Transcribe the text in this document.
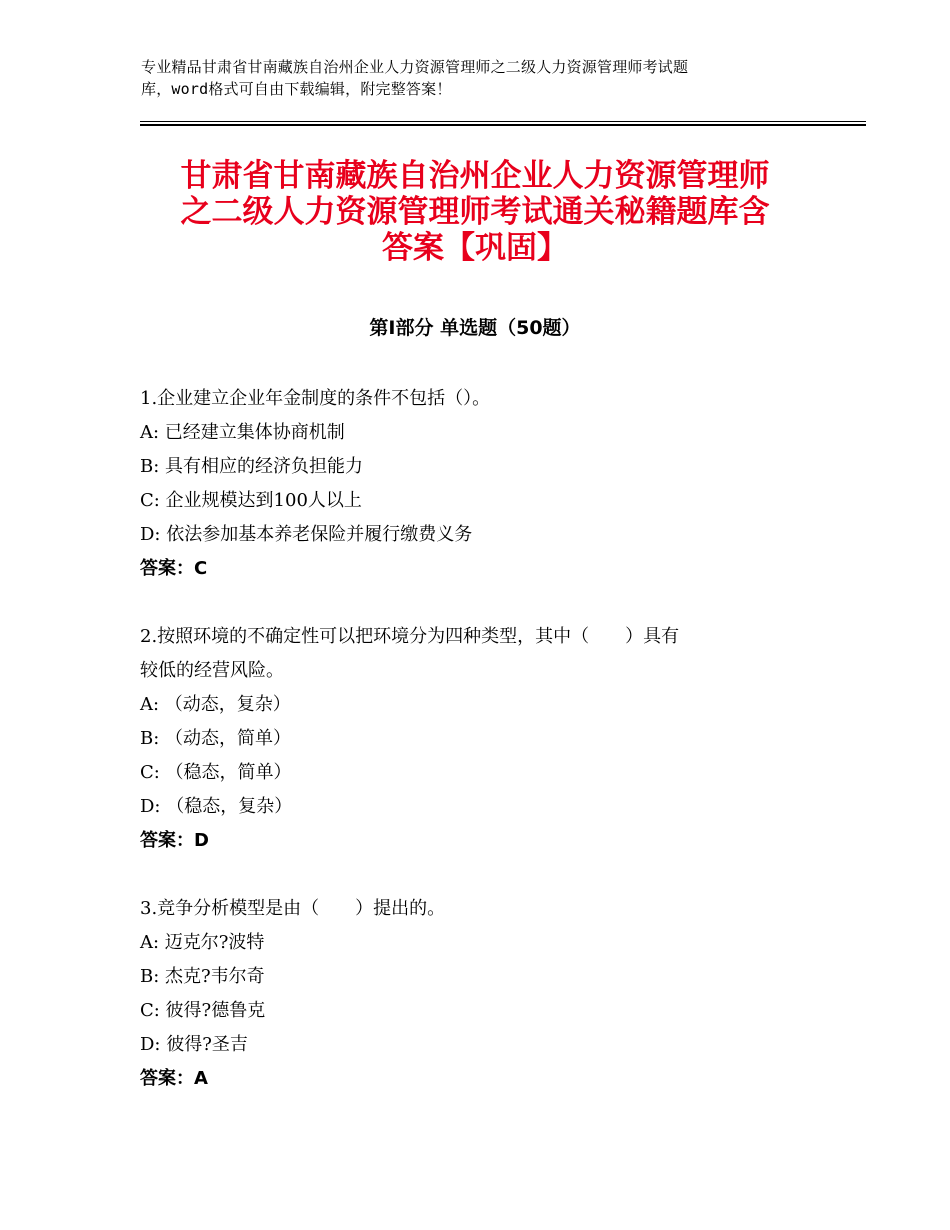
专业精品甘肃省甘南藏族自治州企业人力资源管理师之二级人力资源管理师考试题
库，word格式可自由下载编辑，附完整答案！
甘肃省甘南藏族自治州企业人力资源管理师
之二级人力资源管理师考试通关秘籍题库含
答案【巩固】
第Ⅰ部分 单选题（50题）
1.企业建立企业年金制度的条件不包括（）。
A: 已经建立集体协商机制
B: 具有相应的经济负担能力
C: 企业规模达到100人以上
D: 依法参加基本养老保险并履行缴费义务
答案：C
2.按照环境的不确定性可以把环境分为四种类型，其中（　　）具有
较低的经营风险。
A: （动态，复杂）
B: （动态，简单）
C: （稳态，简单）
D: （稳态，复杂）
答案：D
3.竞争分析模型是由（　　）提出的。
A: 迈克尔?波特
B: 杰克?韦尔奇
C: 彼得?德鲁克
D: 彼得?圣吉
答案：A
